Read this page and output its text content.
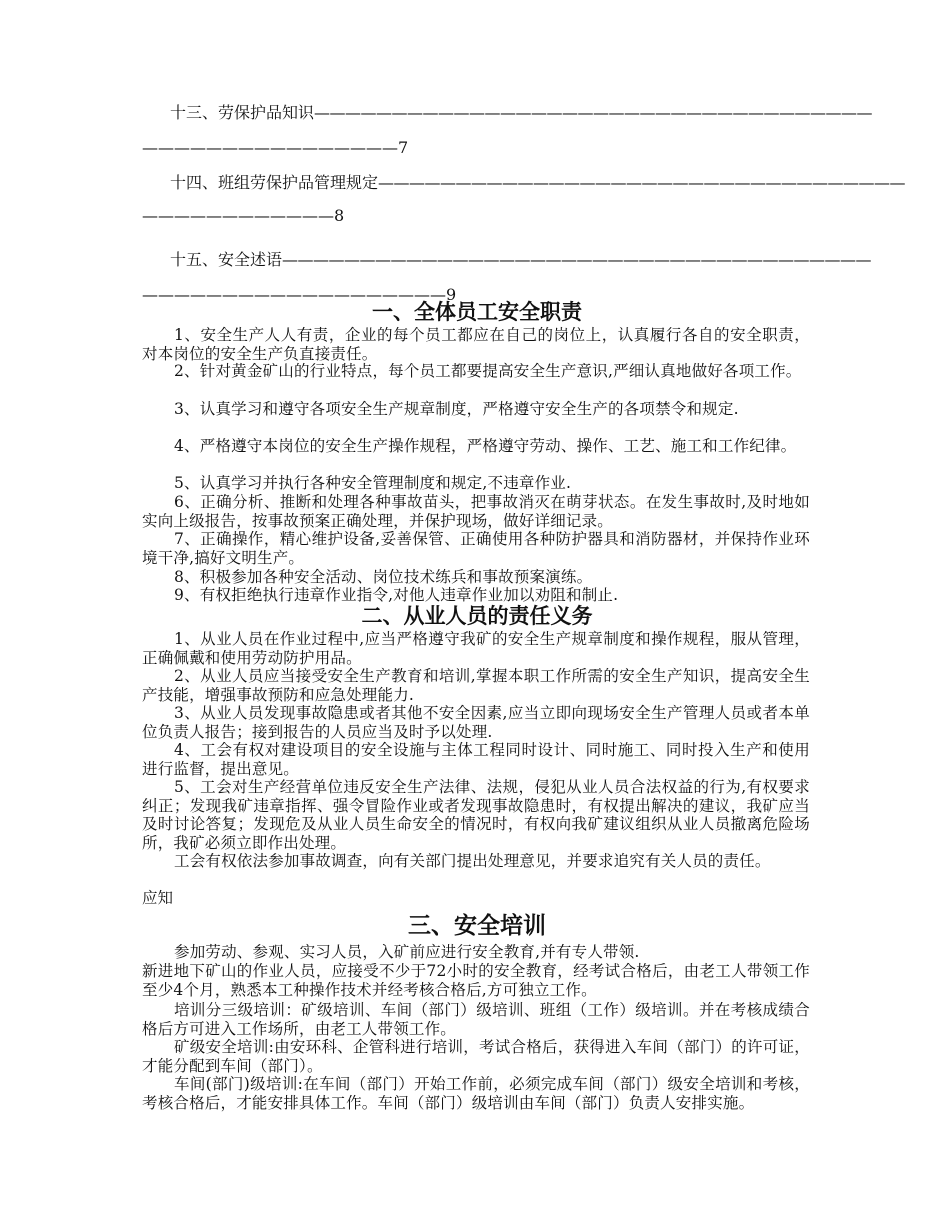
十三、劳保护品知识————————————————————————————————————
————————————————7
十四、班组劳保护品管理规定——————————————————————————————————
————————————8
十五、安全述语——————————————————————————————————————
———————————————————9
一、全体员工安全职责
1、安全生产人人有责，企业的每个员工都应在自己的岗位上，认真履行各自的安全职责，对本岗位的安全生产负直接责任。
2、针对黄金矿山的行业特点，每个员工都要提高安全生产意识,严细认真地做好各项工作。
3、认真学习和遵守各项安全生产规章制度，严格遵守安全生产的各项禁令和规定.
4、严格遵守本岗位的安全生产操作规程，严格遵守劳动、操作、工艺、施工和工作纪律。
5、认真学习并执行各种安全管理制度和规定,不违章作业.
6、正确分析、推断和处理各种事故苗头，把事故消灭在萌芽状态。在发生事故时,及时地如实向上级报告，按事故预案正确处理，并保护现场，做好详细记录。
7、正确操作，精心维护设备,妥善保管、正确使用各种防护器具和消防器材，并保持作业环境干净,搞好文明生产。
8、积极参加各种安全活动、岗位技术练兵和事故预案演练。
9、有权拒绝执行违章作业指令,对他人违章作业加以劝阻和制止.
二、从业人员的责任义务
1、从业人员在作业过程中,应当严格遵守我矿的安全生产规章制度和操作规程，服从管理，正确佩戴和使用劳动防护用品。
2、从业人员应当接受安全生产教育和培训,掌握本职工作所需的安全生产知识，提高安全生产技能，增强事故预防和应急处理能力.
3、从业人员发现事故隐患或者其他不安全因素,应当立即向现场安全生产管理人员或者本单位负责人报告；接到报告的人员应当及时予以处理.
4、工会有权对建设项目的安全设施与主体工程同时设计、同时施工、同时投入生产和使用进行监督，提出意见。
5、工会对生产经营单位违反安全生产法律、法规，侵犯从业人员合法权益的行为,有权要求纠正；发现我矿违章指挥、强令冒险作业或者发现事故隐患时，有权提出解决的建议，我矿应当及时讨论答复；发现危及从业人员生命安全的情况时，有权向我矿建议组织从业人员撤离危险场所，我矿必须立即作出处理。
工会有权依法参加事故调查，向有关部门提出处理意见，并要求追究有关人员的责任。
应知
三、安全培训
参加劳动、参观、实习人员，入矿前应进行安全教育,并有专人带领.
新进地下矿山的作业人员，应接受不少于72小时的安全教育，经考试合格后，由老工人带领工作至少4个月，熟悉本工种操作技术并经考核合格后,方可独立工作。
培训分三级培训：矿级培训、车间（部门）级培训、班组（工作）级培训。并在考核成绩合格后方可进入工作场所，由老工人带领工作。
矿级安全培训:由安环科、企管科进行培训，考试合格后，获得进入车间（部门）的许可证，才能分配到车间（部门）。
车间(部门)级培训:在车间（部门）开始工作前，必须完成车间（部门）级安全培训和考核，考核合格后，才能安排具体工作。车间（部门）级培训由车间（部门）负责人安排实施。
